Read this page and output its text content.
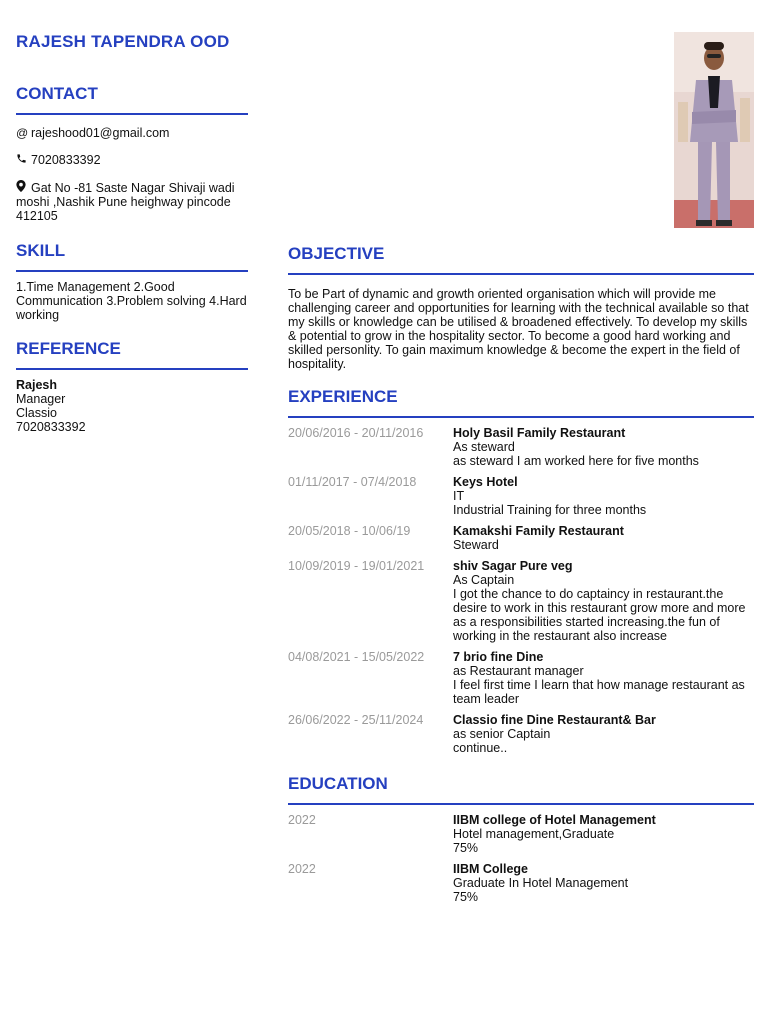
RAJESH TAPENDRA OOD
CONTACT
@ rajeshood01@gmail.com
7020833392
Gat No -81 Saste Nagar Shivaji wadi moshi ,Nashik Pune heighway pincode 412105
SKILL
1.Time Management 2.Good Communication 3.Problem solving 4.Hard working
REFERENCE
Rajesh
Manager
Classio
7020833392
OBJECTIVE
To be Part of dynamic and growth oriented organisation which will provide me challenging career and opportunities for learning with the technical available so that my skills or knowledge can be utilised & broadened effectively. To develop my skills & potential to grow in the hospitality sector. To become a good hard working and skilled personlity. To gain maximum knowledge & become the expert in the field of hospitality.
EXPERIENCE
20/06/2016 - 20/11/2016	Holy Basil Family Restaurant
As steward
as steward I am worked here for five months
01/11/2017 - 07/4/2018	Keys Hotel
IT
Industrial Training for three months
20/05/2018 - 10/06/19	Kamakshi Family Restaurant
Steward
10/09/2019 - 19/01/2021	shiv Sagar Pure veg
As Captain
I got the chance to do captaincy in restaurant.the desire to work in this restaurant grow more and more as a responsibilities started increasing.the fun of working in the restaurant also increase
04/08/2021 - 15/05/2022	7 brio fine Dine
as Restaurant manager
I feel first time I learn that how manage restaurant as team leader
26/06/2022 - 25/11/2024	Classio fine Dine Restaurant& Bar
as senior Captain
continue..
EDUCATION
2022	IIBM college of Hotel Management
Hotel management,Graduate
75%
2022	IIBM College
Graduate In Hotel Management
75%
